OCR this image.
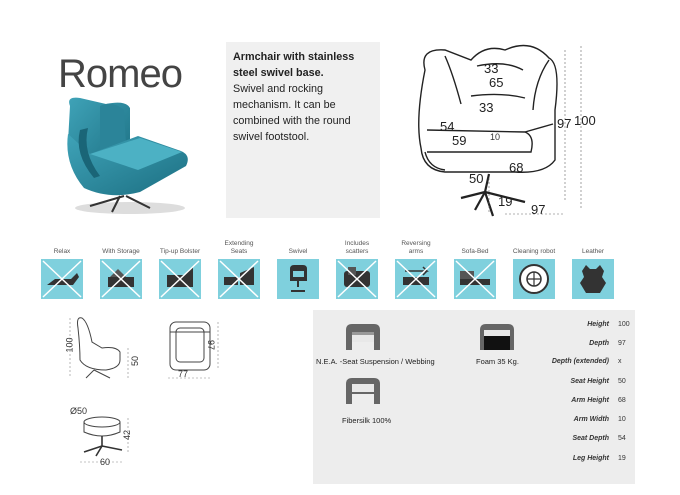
Romeo	Armchair with stainless steel swivel base.
Swivel and rocking mechanism. It can be combined with the round swivel footstool.
33
65
33
54
59	10
68
50
19
97
97 100
Relax	With Storage	Tip-up Bolster
Extending Seats	Swivel
Includes scatters
Reversing arms	Sofa-Bed	Cleaning robot	Leather
100
50
77
97
Ø50
42
60
N.E.A. -Seat Suspension / Webbing	Foam 35 Kg.
Fibersilk 100%
Height 100
Depth 97
Depth (extended) x
Seat Height 50
Arm Height 68
Arm Width 10
Seat Depth 54
Leg Height 19
